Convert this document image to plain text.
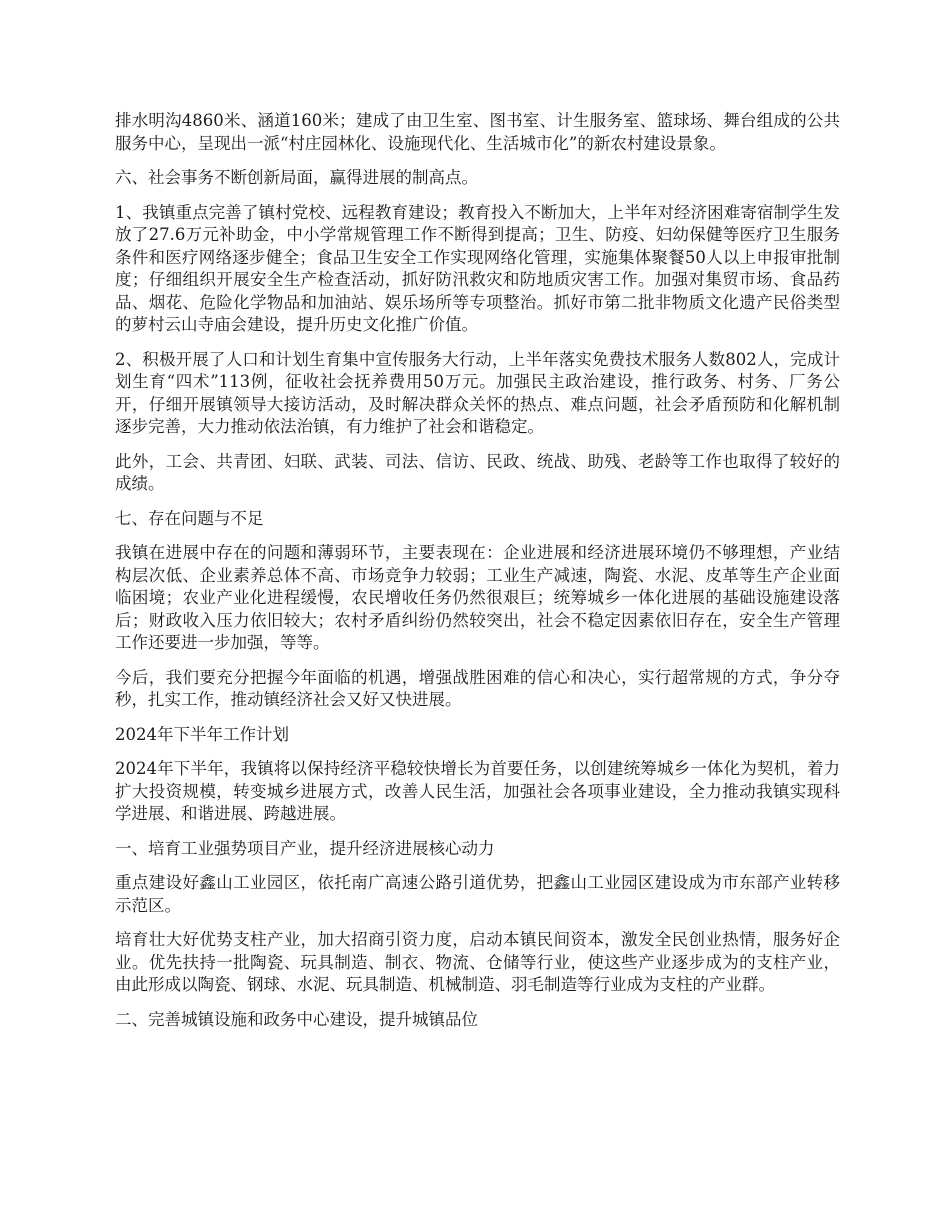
排水明沟4860米、涵道160米；建成了由卫生室、图书室、计生服务室、篮球场、舞台组成的公共服务中心，呈现出一派“村庄园林化、设施现代化、生活城市化”的新农村建设景象。

六、社会事务不断创新局面，赢得进展的制高点。

1、我镇重点完善了镇村党校、远程教育建设；教育投入不断加大，上半年对经济困难寄宿制学生发放了27.6万元补助金，中小学常规管理工作不断得到提高；卫生、防疫、妇幼保健等医疗卫生服务条件和医疗网络逐步健全；食品卫生安全工作实现网络化管理，实施集体聚餐50人以上申报审批制度；仔细组织开展安全生产检查活动，抓好防汛救灾和防地质灾害工作。加强对集贸市场、食品药品、烟花、危险化学物品和加油站、娱乐场所等专项整治。抓好市第二批非物质文化遗产民俗类型的萝村云山寺庙会建设，提升历史文化推广价值。

2、积极开展了人口和计划生育集中宣传服务大行动，上半年落实免费技术服务人数802人，完成计划生育“四术”113例，征收社会抚养费用50万元。加强民主政治建设，推行政务、村务、厂务公开，仔细开展镇领导大接访活动，及时解决群众关怀的热点、难点问题，社会矛盾预防和化解机制逐步完善，大力推动依法治镇，有力维护了社会和谐稳定。

此外，工会、共青团、妇联、武装、司法、信访、民政、统战、助残、老龄等工作也取得了较好的成绩。

七、存在问题与不足

我镇在进展中存在的问题和薄弱环节，主要表现在：企业进展和经济进展环境仍不够理想，产业结构层次低、企业素养总体不高、市场竞争力较弱；工业生产减速，陶瓷、水泥、皮革等生产企业面临困境；农业产业化进程缓慢，农民增收任务仍然很艰巨；统筹城乡一体化进展的基础设施建设落后；财政收入压力依旧较大；农村矛盾纠纷仍然较突出，社会不稳定因素依旧存在，安全生产管理工作还要进一步加强，等等。

今后，我们要充分把握今年面临的机遇，增强战胜困难的信心和决心，实行超常规的方式，争分夺秒，扎实工作，推动镇经济社会又好又快进展。

2024年下半年工作计划

2024年下半年，我镇将以保持经济平稳较快增长为首要任务，以创建统筹城乡一体化为契机，着力扩大投资规模，转变城乡进展方式，改善人民生活，加强社会各项事业建设，全力推动我镇实现科学进展、和谐进展、跨越进展。

一、培育工业强势项目产业，提升经济进展核心动力

重点建设好鑫山工业园区，依托南广高速公路引道优势，把鑫山工业园区建设成为市东部产业转移示范区。

培育壮大好优势支柱产业，加大招商引资力度，启动本镇民间资本，激发全民创业热情，服务好企业。优先扶持一批陶瓷、玩具制造、制衣、物流、仓储等行业，使这些产业逐步成为的支柱产业，由此形成以陶瓷、钢球、水泥、玩具制造、机械制造、羽毛制造等行业成为支柱的产业群。

二、完善城镇设施和政务中心建设，提升城镇品位
